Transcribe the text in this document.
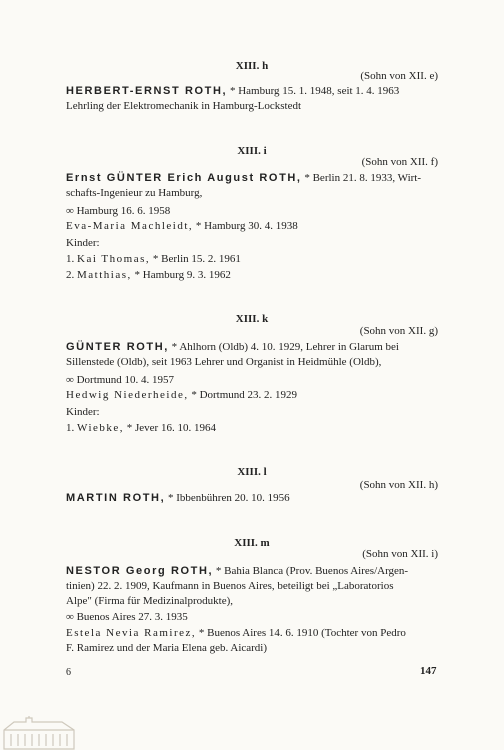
XIII. h
(Sohn von XII. e)
HERBERT-ERNST ROTH, * Hamburg 15. 1. 1948, seit 1. 4. 1963
Lehrling der Elektromechanik in Hamburg-Lockstedt
XIII. i
(Sohn von XII. f)
Ernst GÜNTER Erich August ROTH, * Berlin 21. 8. 1933, Wirt-
schafts-Ingenieur zu Hamburg,
∞ Hamburg 16. 6. 1958
Eva-Maria Machleidt, * Hamburg 30. 4. 1938
Kinder:
1. Kai Thomas, * Berlin 15. 2. 1961
2. Matthias, * Hamburg 9. 3. 1962
XIII. k
(Sohn von XII. g)
GÜNTER ROTH, * Ahlhorn (Oldb) 4. 10. 1929, Lehrer in Glarum bei
Sillenstede (Oldb), seit 1963 Lehrer und Organist in Heidmühle (Oldb),
∞ Dortmund 10. 4. 1957
Hedwig Niederheide, * Dortmund 23. 2. 1929
Kinder:
1. Wiebke, * Jever 16. 10. 1964
XIII. l
(Sohn von XII. h)
MARTIN ROTH, * Ibbenbühren 20. 10. 1956
XIII. m
(Sohn von XII. i)
NESTOR Georg ROTH, * Bahia Blanca (Prov. Buenos Aires/Argen-
tinien) 22. 2. 1909, Kaufmann in Buenos Aires, beteiligt bei „Laboratorios
Alpe" (Firma für Medizinalprodukte),
∞ Buenos Aires 27. 3. 1935
Estela Nevia Ramirez, * Buenos Aires 14. 6. 1910 (Tochter von Pedro
F. Ramirez und der Maria Elena geb. Aicardi)
6	147
